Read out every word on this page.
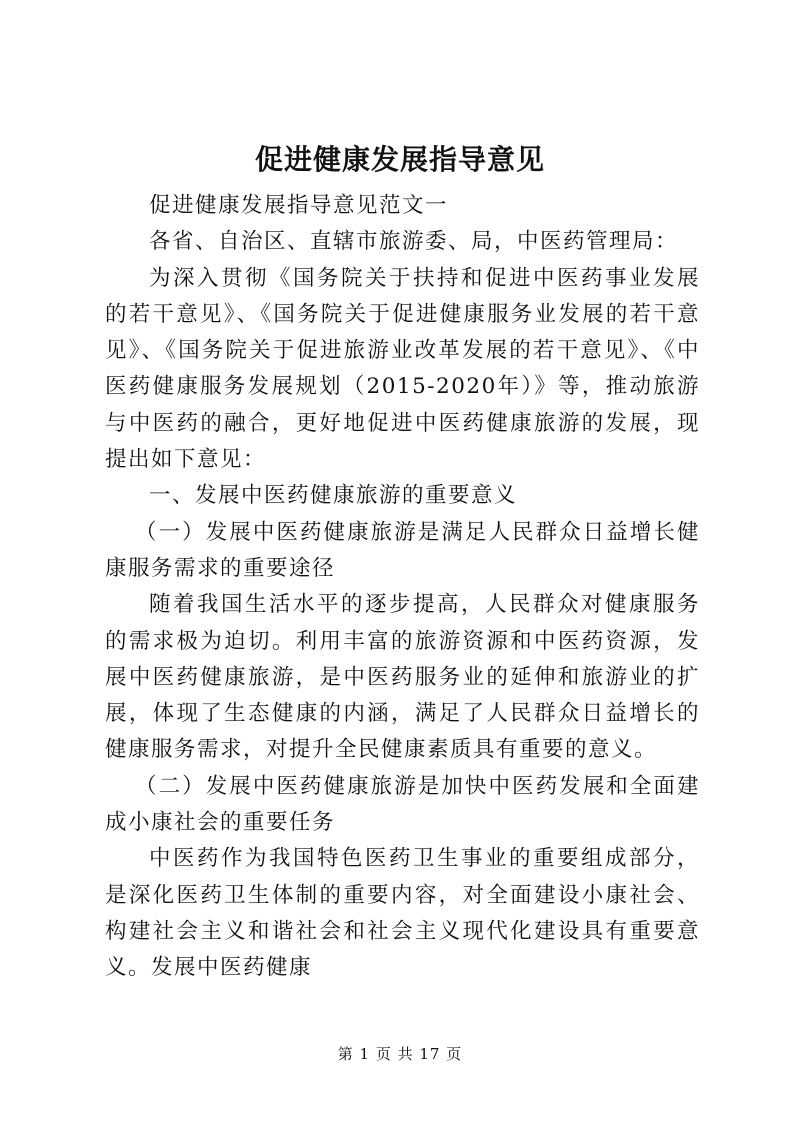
促进健康发展指导意见

促进健康发展指导意见范文一

各省、自治区、直辖市旅游委、局，中医药管理局：

为深入贯彻《国务院关于扶持和促进中医药事业发展的若干意见》、《国务院关于促进健康服务业发展的若干意见》、《国务院关于促进旅游业改革发展的若干意见》、《中医药健康服务发展规划（2015-2020年）》等，推动旅游与中医药的融合，更好地促进中医药健康旅游的发展，现提出如下意见：

一、发展中医药健康旅游的重要意义

（一）发展中医药健康旅游是满足人民群众日益增长健康服务需求的重要途径

随着我国生活水平的逐步提高，人民群众对健康服务的需求极为迫切。利用丰富的旅游资源和中医药资源，发展中医药健康旅游，是中医药服务业的延伸和旅游业的扩展，体现了生态健康的内涵，满足了人民群众日益增长的健康服务需求，对提升全民健康素质具有重要的意义。

（二）发展中医药健康旅游是加快中医药发展和全面建成小康社会的重要任务

中医药作为我国特色医药卫生事业的重要组成部分，是深化医药卫生体制的重要内容，对全面建设小康社会、构建社会主义和谐社会和社会主义现代化建设具有重要意义。发展中医药健康

第 1 页 共 17 页
